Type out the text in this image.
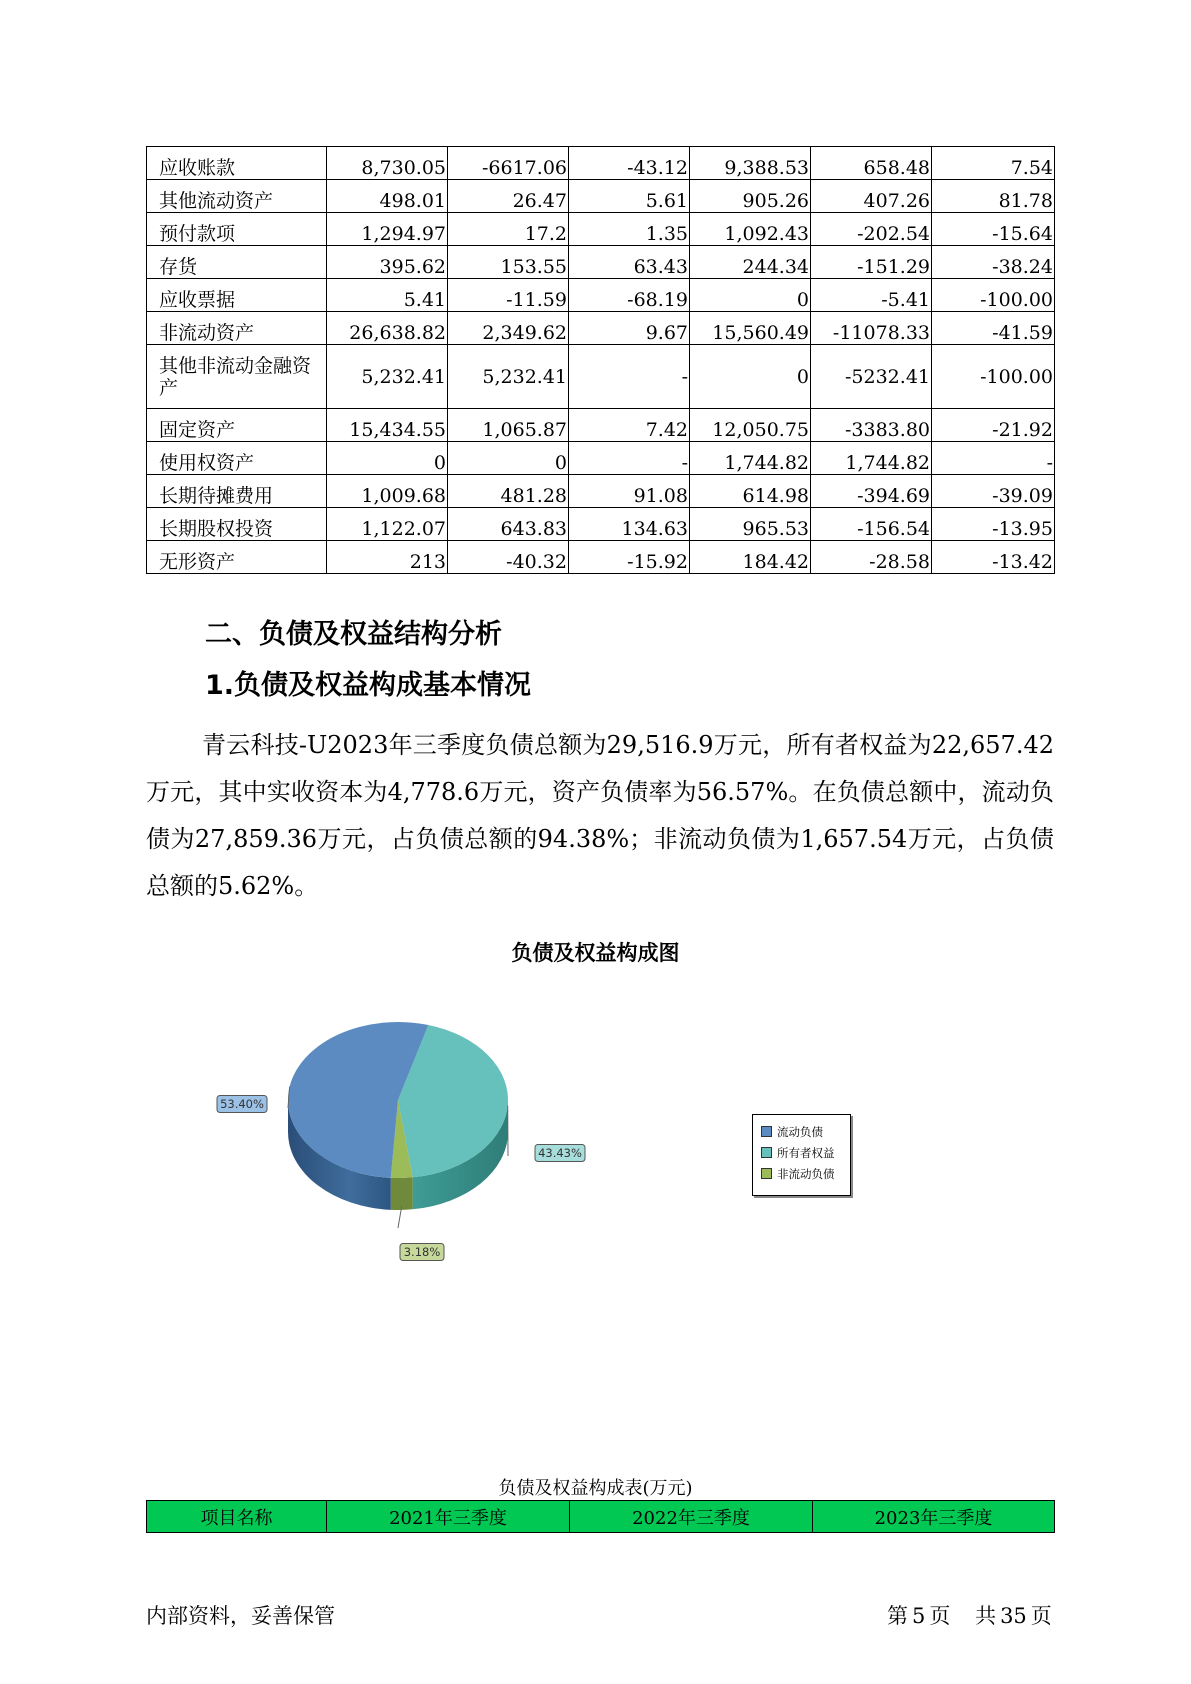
应收账款	8,730.05	-6617.06	-43.12	9,388.53	658.48	7.54
其他流动资产	498.01	26.47	5.61	905.26	407.26	81.78
预付款项	1,294.97	17.2	1.35	1,092.43	-202.54	-15.64
存货	395.62	153.55	63.43	244.34	-151.29	-38.24
应收票据	5.41	-11.59	-68.19	0	-5.41	-100.00
非流动资产	26,638.82	2,349.62	9.67	15,560.49	-11078.33	-41.59
其他非流动金融资产	5,232.41	5,232.41	-	0	-5232.41	-100.00
固定资产	15,434.55	1,065.87	7.42	12,050.75	-3383.80	-21.92
使用权资产	0	0	-	1,744.82	1,744.82	-
长期待摊费用	1,009.68	481.28	91.08	614.98	-394.69	-39.09
长期股权投资	1,122.07	643.83	134.63	965.53	-156.54	-13.95
无形资产	213	-40.32	-15.92	184.42	-28.58	-13.42
二、负债及权益结构分析
1.负债及权益构成基本情况
青云科技-U2023年三季度负债总额为29,516.9万元，所有者权益为22,657.42万元，其中实收资本为4,778.6万元，资产负债率为56.57%。在负债总额中，流动负债为27,859.36万元，占负债总额的94.38%；非流动负债为1,657.54万元，占负债总额的5.62%。
负债及权益构成图
53.40%
43.43%
3.18%
流动负债
所有者权益
非流动负债
负债及权益构成表(万元)
项目名称	2021年三季度	2022年三季度	2023年三季度
内部资料，妥善保管	第 5 页 共 35 页
